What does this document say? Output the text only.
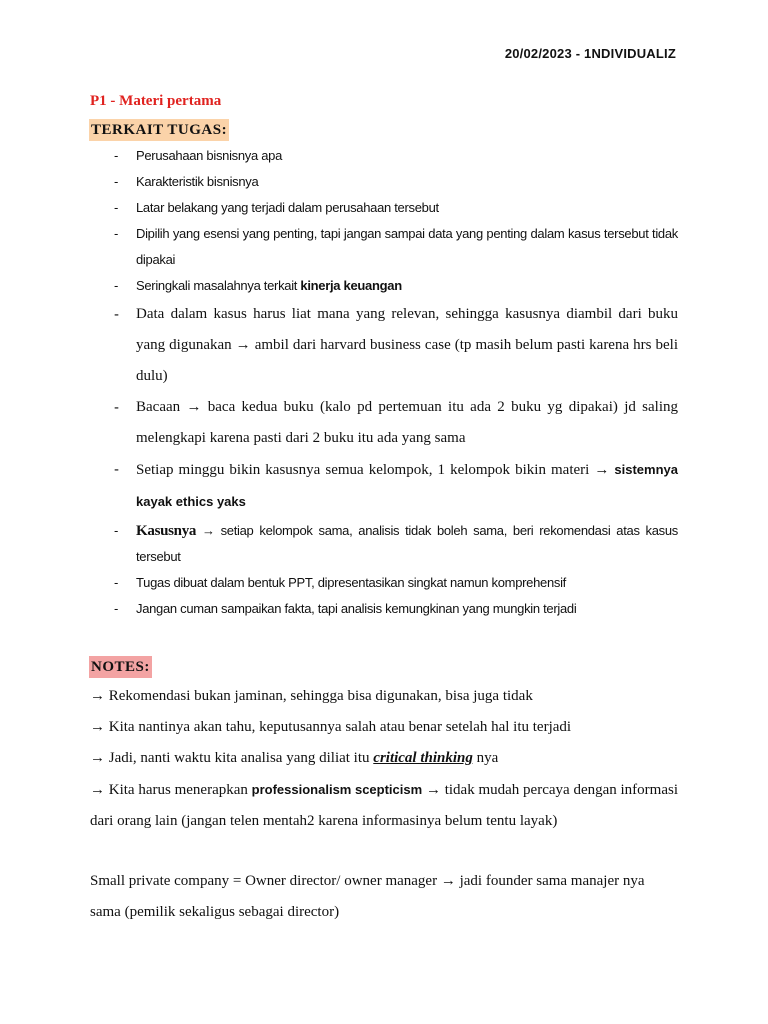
20/02/2023 - 1NDIVIDUALIZ
P1 - Materi pertama
TERKAIT TUGAS:
- Perusahaan bisnisnya apa
- Karakteristik bisnisnya
- Latar belakang yang terjadi dalam perusahaan tersebut
- Dipilih yang esensi yang penting, tapi jangan sampai data yang penting dalam kasus tersebut tidak dipakai
- Seringkali masalahnya terkait kinerja keuangan
- Data dalam kasus harus liat mana yang relevan, sehingga kasusnya diambil dari buku yang digunakan → ambil dari harvard business case (tp masih belum pasti karena hrs beli dulu)
- Bacaan → baca kedua buku (kalo pd pertemuan itu ada 2 buku yg dipakai) jd saling melengkapi karena pasti dari 2 buku itu ada yang sama
- Setiap minggu bikin kasusnya semua kelompok, 1 kelompok bikin materi → sistemnya kayak ethics yaks
- Kasusnya → setiap kelompok sama, analisis tidak boleh sama, beri rekomendasi atas kasus tersebut
- Tugas dibuat dalam bentuk PPT, dipresentasikan singkat namun komprehensif
- Jangan cuman sampaikan fakta, tapi analisis kemungkinan yang mungkin terjadi
NOTES:

→ Rekomendasi bukan jaminan, sehingga bisa digunakan, bisa juga tidak

→ Kita nantinya akan tahu, keputusannya salah atau benar setelah hal itu terjadi

→ Jadi, nanti waktu kita analisa yang diliat itu critical thinking nya

→ Kita harus menerapkan professionalism scepticism → tidak mudah percaya dengan informasi dari orang lain (jangan telen mentah2 karena informasinya belum tentu layak)

Small private company = Owner director/ owner manager → jadi founder sama manajer nya sama (pemilik sekaligus sebagai director)
